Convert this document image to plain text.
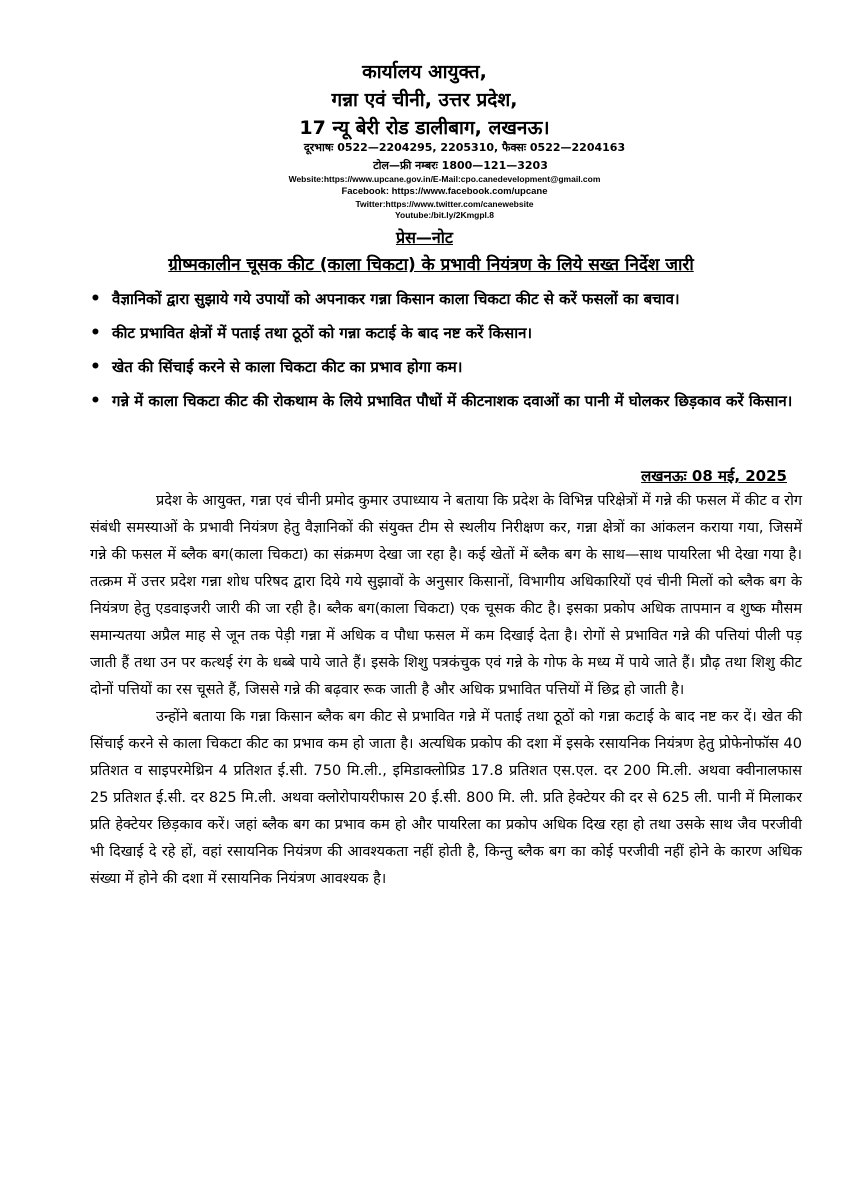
कार्यालय आयुक्त,
गन्ना एवं चीनी, उत्तर प्रदेश,
17 न्यू बेरी रोड डालीबाग, लखनऊ।
दूरभाषः 0522—2204295, 2205310, फैक्सः 0522—2204163
टोल—फ्री नम्बरः 1800—121—3203
Website:https://www.upcane.gov.in/E-Mail:cpo.canedevelopment@gmail.com
Facebook: https://www.facebook.com/upcane
Twitter:https://www.twitter.com/canewebsite
Youtube:/bit.ly/2Kmgpl.8
प्रेस—नोट
ग्रीष्मकालीन चूसक कीट (काला चिकटा) के प्रभावी नियंत्रण के लिये सख्त निर्देश जारी
• वैज्ञानिकों द्वारा सुझाये गये उपायों को अपनाकर गन्ना किसान काला चिकटा कीट से करें फसलों का बचाव।
• कीट प्रभावित क्षेत्रों में पताई तथा ठूठों को गन्ना कटाई के बाद नष्ट करें किसान।
• खेत की सिंचाई करने से काला चिकटा कीट का प्रभाव होगा कम।
• गन्ने में काला चिकटा कीट की रोकथाम के लिये प्रभावित पौधों में कीटनाशक दवाओं का पानी में घोलकर छिड़काव करें किसान।
लखनऊः 08 मई, 2025

प्रदेश के आयुक्त, गन्ना एवं चीनी प्रमोद कुमार उपाध्याय ने बताया कि प्रदेश के विभिन्न परिक्षेत्रों में गन्ने की फसल में कीट व रोग संबंधी समस्याओं के प्रभावी नियंत्रण हेतु वैज्ञानिकों की संयुक्त टीम से स्थलीय निरीक्षण कर, गन्ना क्षेत्रों का आंकलन कराया गया, जिसमें गन्ने की फसल में ब्लैक बग(काला चिकटा) का संक्रमण देखा जा रहा है। कई खेतों में ब्लैक बग के साथ—साथ पायरिला भी देखा गया है। तत्क्रम में उत्तर प्रदेश गन्ना शोध परिषद द्वारा दिये गये सुझावों के अनुसार किसानों, विभागीय अधिकारियों एवं चीनी मिलों को ब्लैक बग के नियंत्रण हेतु एडवाइजरी जारी की जा रही है। ब्लैक बग(काला चिकटा) एक चूसक कीट है। इसका प्रकोप अधिक तापमान व शुष्क मौसम समान्यतया अप्रैल माह से जून तक पेड़ी गन्ना में अधिक व पौधा फसल में कम दिखाई देता है। रोगों से प्रभावित गन्ने की पत्तियां पीली पड़ जाती हैं तथा उन पर कत्थई रंग के धब्बे पाये जाते हैं। इसके शिशु पत्रकंचुक एवं गन्ने के गोफ के मध्य में पाये जाते हैं। प्रौढ़ तथा शिशु कीट दोनों पत्तियों का रस चूसते हैं, जिससे गन्ने की बढ़वार रूक जाती है और अधिक प्रभावित पत्तियों में छिद्र हो जाती है।

उन्होंने बताया कि गन्ना किसान ब्लैक बग कीट से प्रभावित गन्ने में पताई तथा ठूठों को गन्ना कटाई के बाद नष्ट कर दें। खेत की सिंचाई करने से काला चिकटा कीट का प्रभाव कम हो जाता है। अत्यधिक प्रकोप की दशा में इसके रसायनिक नियंत्रण हेतु प्रोफेनोफॉस 40 प्रतिशत व साइपरमेथ्रिन 4 प्रतिशत ई.सी. 750 मि.ली., इमिडाक्लोप्रिड 17.8 प्रतिशत एस.एल. दर 200 मि.ली. अथवा क्वीनालफास 25 प्रतिशत ई.सी. दर 825 मि.ली. अथवा क्लोरोपायरीफास 20 ई.सी. 800 मि. ली. प्रति हेक्टेयर की दर से 625 ली. पानी में मिलाकर प्रति हेक्टेयर छिड़काव करें। जहां ब्लैक बग का प्रभाव कम हो और पायरिला का प्रकोप अधिक दिख रहा हो तथा उसके साथ जैव परजीवी भी दिखाई दे रहे हों, वहां रसायनिक नियंत्रण की आवश्यकता नहीं होती है, किन्तु ब्लैक बग का कोई परजीवी नहीं होने के कारण अधिक संख्या में होने की दशा में रसायनिक नियंत्रण आवश्यक है।
